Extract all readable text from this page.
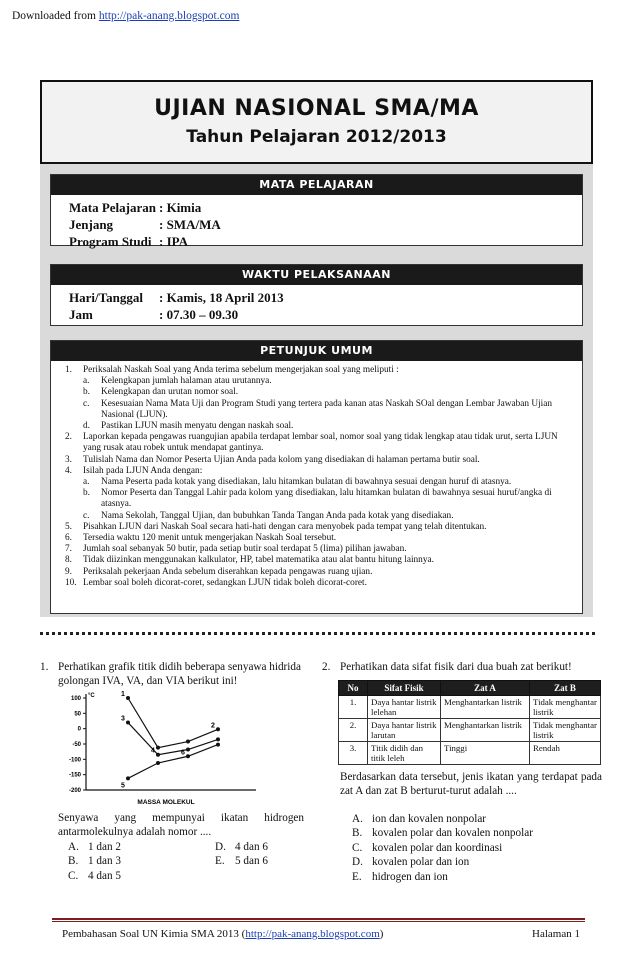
Downloaded from http://pak-anang.blogspot.com
UJIAN NASIONAL SMA/MA
Tahun Pelajaran 2012/2013
MATA PELAJARAN
Mata Pelajaran : Kimia
Jenjang	: SMA/MA
Program Studi : IPA
WAKTU PELAKSANAAN
Hari/Tanggal	: Kamis, 18 April 2013
Jam	: 07.30 – 09.30
PETUNJUK UMUM
1.	Periksalah Naskah Soal yang Anda terima sebelum mengerjakan soal yang meliputi :
a.	Kelengkapan jumlah halaman atau urutannya.
b.	Kelengkapan dan urutan nomor soal.
c.	Kesesuaian Nama Mata Uji dan Program Studi yang tertera pada kanan atas Naskah SOal dengan Lembar Jawaban Ujian Nasional (LJUN).
d.	Pastikan LJUN masih menyatu dengan naskah soal.
2.	Laporkan kepada pengawas ruangujian apabila terdapat lembar soal, nomor soal yang tidak lengkap atau tidak urut, serta LJUN yang rusak atau robek untuk mendapat gantinya.
3.	Tulislah Nama dan Nomor Peserta Ujian Anda pada kolom yang disediakan di halaman pertama butir soal.
4.	Isilah pada LJUN Anda dengan:
a.	Nama Peserta pada kotak yang disediakan, lalu hitamkan bulatan di bawahnya sesuai dengan huruf di atasnya.
b.	Nomor Peserta dan Tanggal Lahir pada kolom yang disediakan, lalu hitamkan bulatan di bawahnya sesuai huruf/angka di atasnya.
c.	Nama Sekolah, Tanggal Ujian, dan bubuhkan Tanda Tangan Anda pada kotak yang disediakan.
5.	Pisahkan LJUN dari Naskah Soal secara hati-hati dengan cara menyobek pada tempat yang telah ditentukan.
6.	Tersedia waktu 120 menit untuk mengerjakan Naskah Soal tersebut.
7.	Jumlah soal sebanyak 50 butir, pada setiap butir soal terdapat 5 (lima) pilihan jawaban.
8.	Tidak diizinkan menggunakan kalkulator, HP, tabel matematika atau alat bantu hitung lainnya.
9.	Periksalah pekerjaan Anda sebelum diserahkan kepada pengawas ruang ujian.
10. Lembar soal boleh dicorat-coret, sedangkan LJUN tidak boleh dicorat-coret.
1. Perhatikan grafik titik didih beberapa senyawa hidrida golongan IVA, VA, dan VIA berikut ini!
°C
100
50
0
-50
-100
-150
-200
MASSA MOLEKUL
1
3
2
4	6
5
Senyawa yang mempunyai ikatan hidrogen antarmolekulnya adalah nomor ....
A. 1 dan 2
B. 1 dan 3
C. 4 dan 5
D. 4 dan 6
E. 5 dan 6
2. Perhatikan data sifat fisik dari dua buah zat berikut!
No	Sifat Fisik	Zat A	Zat B
1.	Daya hantar listrik lelehan	Menghantarkan listrik	Tidak menghantar listrik
2.	Daya hantar listrik larutan	Menghantarkan listrik	Tidak menghantar listrik
3.	Titik didih dan titik leleh	Tinggi	Rendah
Berdasarkan data tersebut, jenis ikatan yang terdapat pada zat A dan zat B berturut-turut adalah ....
A. ion dan kovalen nonpolar
B. kovalen polar dan kovalen nonpolar
C. kovalen polar dan koordinasi
D. kovalen polar dan ion
E. hidrogen dan ion
Pembahasan Soal UN Kimia SMA 2013 (http://pak-anang.blogspot.com)	Halaman 1
